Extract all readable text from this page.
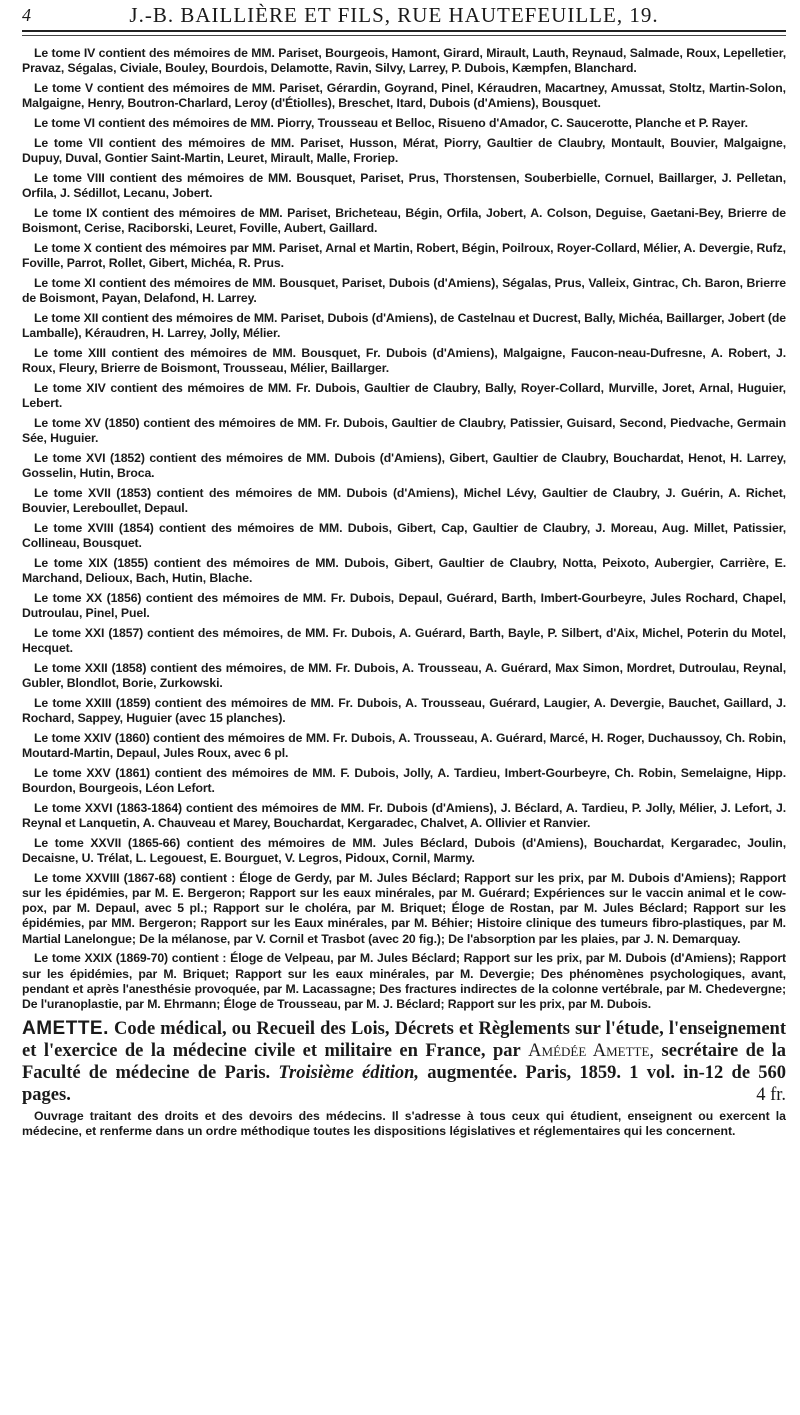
4	J.-B. BAILLIÈRE ET FILS, RUE HAUTEFEUILLE, 19.

Le tome IV contient des mémoires de MM. Pariset, Bourgeois, Hamont, Girard, Mirault, Lauth, Reynaud, Salmade, Roux, Lepelletier, Pravaz, Ségalas, Civiale, Bouley, Bourdois, Delamotte, Ravin, Silvy, Larrey, P. Dubois, Kæmpfen, Blanchard.

Le tome V contient des mémoires de MM. Pariset, Gérardin, Goyrand, Pinel, Kéraudren, Macartney, Amussat, Stoltz, Martin-Solon, Malgaigne, Henry, Boutron-Charlard, Leroy (d'Étiolles), Breschet, Itard, Dubois (d'Amiens), Bousquet.

Le tome VI contient des mémoires de MM. Piorry, Trousseau et Belloc, Risueno d'Amador, C. Saucerotte, Planche et P. Rayer.

Le tome VII contient des mémoires de MM. Pariset, Husson, Mérat, Piorry, Gaultier de Claubry, Montault, Bouvier, Malgaigne, Dupuy, Duval, Gontier Saint-Martin, Leuret, Mirault, Malle, Froriep.

Le tome VIII contient des mémoires de MM. Bousquet, Pariset, Prus, Thorstensen, Souberbielle, Cornuel, Baillarger, J. Pelletan, Orfila, J. Sédillot, Lecanu, Jobert.

Le tome IX contient des mémoires de MM. Pariset, Bricheteau, Bégin, Orfila, Jobert, A. Colson, Deguise, Gaetani-Bey, Brierre de Boismont, Cerise, Raciborski, Leuret, Foville, Aubert, Gaillard.

Le tome X contient des mémoires par MM. Pariset, Arnal et Martin, Robert, Bégin, Poilroux, Royer-Collard, Mélier, A. Devergie, Rufz, Foville, Parrot, Rollet, Gibert, Michéa, R. Prus.

Le tome XI contient des mémoires de MM. Bousquet, Pariset, Dubois (d'Amiens), Ségalas, Prus, Valleix, Gintrac, Ch. Baron, Brierre de Boismont, Payan, Delafond, H. Larrey.

Le tome XII contient des mémoires de MM. Pariset, Dubois (d'Amiens), de Castelnau et Ducrest, Bally, Michéa, Baillarger, Jobert (de Lamballe), Kéraudren, H. Larrey, Jolly, Mélier.

Le tome XIII contient des mémoires de MM. Bousquet, Fr. Dubois (d'Amiens), Malgaigne, Faucon-neau-Dufresne, A. Robert, J. Roux, Fleury, Brierre de Boismont, Trousseau, Mélier, Baillarger.

Le tome XIV contient des mémoires de MM. Fr. Dubois, Gaultier de Claubry, Bally, Royer-Collard, Murville, Joret, Arnal, Huguier, Lebert.

Le tome XV (1850) contient des mémoires de MM. Fr. Dubois, Gaultier de Claubry, Patissier, Guisard, Second, Piedvache, Germain Sée, Huguier.

Le tome XVI (1852) contient des mémoires de MM. Dubois (d'Amiens), Gibert, Gaultier de Claubry, Bouchardat, Henot, H. Larrey, Gosselin, Hutin, Broca.

Le tome XVII (1853) contient des mémoires de MM. Dubois (d'Amiens), Michel Lévy, Gaultier de Claubry, J. Guérin, A. Richet, Bouvier, Lereboullet, Depaul.

Le tome XVIII (1854) contient des mémoires de MM. Dubois, Gibert, Cap, Gaultier de Claubry, J. Moreau, Aug. Millet, Patissier, Collineau, Bousquet.

Le tome XIX (1855) contient des mémoires de MM. Dubois, Gibert, Gaultier de Claubry, Notta, Peixoto, Aubergier, Carrière, E. Marchand, Delioux, Bach, Hutin, Blache.

Le tome XX (1856) contient des mémoires de MM. Fr. Dubois, Depaul, Guérard, Barth, Imbert-Gourbeyre, Jules Rochard, Chapel, Dutroulau, Pinel, Puel.

Le tome XXI (1857) contient des mémoires, de MM. Fr. Dubois, A. Guérard, Barth, Bayle, P. Silbert, d'Aix, Michel, Poterin du Motel, Hecquet.

Le tome XXII (1858) contient des mémoires, de MM. Fr. Dubois, A. Trousseau, A. Guérard, Max Simon, Mordret, Dutroulau, Reynal, Gubler, Blondlot, Borie, Zurkowski.

Le tome XXIII (1859) contient des mémoires de MM. Fr. Dubois, A. Trousseau, Guérard, Laugier, A. Devergie, Bauchet, Gaillard, J. Rochard, Sappey, Huguier (avec 15 planches).

Le tome XXIV (1860) contient des mémoires de MM. Fr. Dubois, A. Trousseau, A. Guérard, Marcé, H. Roger, Duchaussoy, Ch. Robin, Moutard-Martin, Depaul, Jules Roux, avec 6 pl.

Le tome XXV (1861) contient des mémoires de MM. F. Dubois, Jolly, A. Tardieu, Imbert-Gourbeyre, Ch. Robin, Semelaigne, Hipp. Bourdon, Bourgeois, Léon Lefort.

Le tome XXVI (1863-1864) contient des mémoires de MM. Fr. Dubois (d'Amiens), J. Béclard, A. Tardieu, P. Jolly, Mélier, J. Lefort, J. Reynal et Lanquetin, A. Chauveau et Marey, Bouchardat, Kergaradec, Chalvet, A. Ollivier et Ranvier.

Le tome XXVII (1865-66) contient des mémoires de MM. Jules Béclard, Dubois (d'Amiens), Bouchardat, Kergaradec, Joulin, Decaisne, U. Trélat, L. Legouest, E. Bourguet, V. Legros, Pidoux, Cornil, Marmy.

Le tome XXVIII (1867-68) contient : Éloge de Gerdy, par M. Jules Béclard; Rapport sur les prix, par M. Dubois d'Amiens); Rapport sur les épidémies, par M. E. Bergeron; Rapport sur les eaux minérales, par M. Guérard; Expériences sur le vaccin animal et le cow-pox, par M. Depaul, avec 5 pl.; Rapport sur le choléra, par M. Briquet; Éloge de Rostan, par M. Jules Béclard; Rapport sur les épidémies, par MM. Bergeron; Rapport sur les Eaux minérales, par M. Béhier; Histoire clinique des tumeurs fibro-plastiques, par M. Martial Lanelongue; De la mélanose, par V. Cornil et Trasbot (avec 20 fig.); De l'absorption par les plaies, par J. N. Demarquay.

Le tome XXIX (1869-70) contient : Éloge de Velpeau, par M. Jules Béclard; Rapport sur les prix, par M. Dubois (d'Amiens); Rapport sur les épidémies, par M. Briquet; Rapport sur les eaux minérales, par M. Devergie; Des phénomènes psychologiques, avant, pendant et après l'anesthésie provoquée, par M. Lacassagne; Des fractures indirectes de la colonne vertébrale, par M. Chedevergne; De l'uranoplastie, par M. Ehrmann; Éloge de Trousseau, par M. J. Béclard; Rapport sur les prix, par M. Dubois.

AMETTE. Code médical, ou Recueil des Lois, Décrets et Règlements sur l'étude, l'enseignement et l'exercice de la médecine civile et militaire en France, par Amédée Amette, secrétaire de la Faculté de médecine de Paris. Troisième édition, augmentée. Paris, 1859. 1 vol. in-12 de 560 pages.	4 fr.

Ouvrage traitant des droits et des devoirs des médecins. Il s'adresse à tous ceux qui étudient, enseignent ou exercent la médecine, et renferme dans un ordre méthodique toutes les dispositions législatives et réglementaires qui les concernent.
